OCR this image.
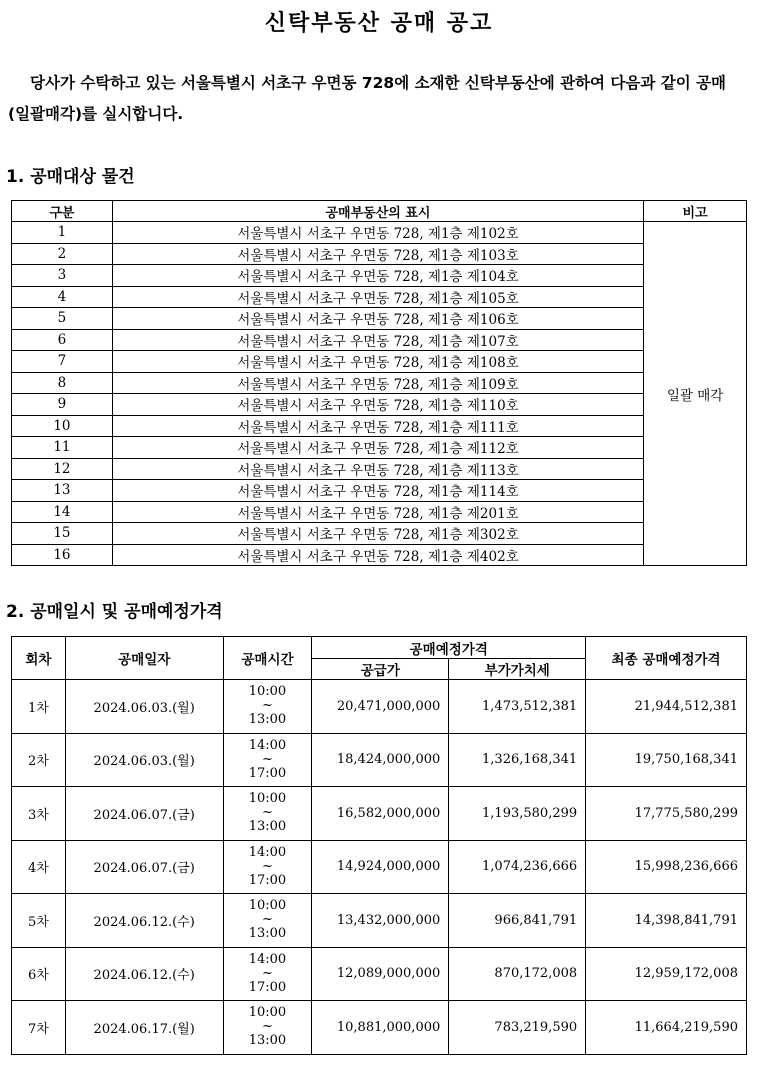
신탁부동산 공매 공고
당사가 수탁하고 있는 서울특별시 서초구 우면동 728에 소재한 신탁부동산에 관하여 다음과 같이 공매(일괄매각)를 실시합니다.
1. 공매대상 물건
구분	공매부동산의 표시	비고
1	서울특별시 서초구 우면동 728, 제1층 제102호	일괄 매각
2	서울특별시 서초구 우면동 728, 제1층 제103호	
3	서울특별시 서초구 우면동 728, 제1층 제104호	
4	서울특별시 서초구 우면동 728, 제1층 제105호	
5	서울특별시 서초구 우면동 728, 제1층 제106호	
6	서울특별시 서초구 우면동 728, 제1층 제107호	
7	서울특별시 서초구 우면동 728, 제1층 제108호	
8	서울특별시 서초구 우면동 728, 제1층 제109호	
9	서울특별시 서초구 우면동 728, 제1층 제110호	
10	서울특별시 서초구 우면동 728, 제1층 제111호	
11	서울특별시 서초구 우면동 728, 제1층 제112호	
12	서울특별시 서초구 우면동 728, 제1층 제113호	
13	서울특별시 서초구 우면동 728, 제1층 제114호	
14	서울특별시 서초구 우면동 728, 제1층 제201호	
15	서울특별시 서초구 우면동 728, 제1층 제302호	
16	서울특별시 서초구 우면동 728, 제1층 제402호	
2. 공매일시 및 공매예정가격
회차	공매일자	공매시간	공매예정가격		최종 공매예정가격
			공급가	부가가치세	
1차	2024.06.03.(월)	10:00
~
13:00	20,471,000,000	1,473,512,381	21,944,512,381
2차	2024.06.03.(월)	14:00
~
17:00	18,424,000,000	1,326,168,341	19,750,168,341
3차	2024.06.07.(금)	10:00
~
13:00	16,582,000,000	1,193,580,299	17,775,580,299
4차	2024.06.07.(금)	14:00
~
17:00	14,924,000,000	1,074,236,666	15,998,236,666
5차	2024.06.12.(수)	10:00
~
13:00	13,432,000,000	966,841,791	14,398,841,791
6차	2024.06.12.(수)	14:00
~
17:00	12,089,000,000	870,172,008	12,959,172,008
7차	2024.06.17.(월)	10:00
~
13:00	10,881,000,000	783,219,590	11,664,219,590
